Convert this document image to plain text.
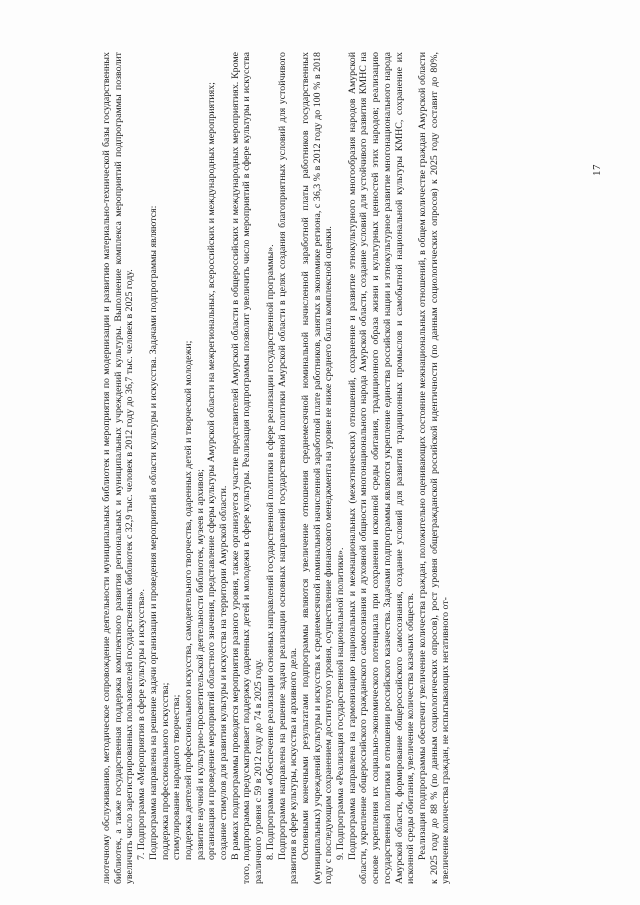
17

лиотечному обслуживанию, методическое сопровождение деятельности муниципальных библиотек и мероприятия по модернизации и развитию материально-технической базы государственных библиотек, а также государственная поддержка комплектного развития региональных и муниципальных учреждений культуры. Выполнение комплекса мероприятий подпрограммы позволит увеличить число зарегистрированных пользователей государственных библиотек с 32,9 тыс. человек в 2012 году до 36,7 тыс. человек в 2025 году. 7. Подпрограмма «Мероприятия в сфере культуры и искусства». Подпрограмма направлена на решение задачи организации и проведения мероприятий в области культуры и искусства. Задачами подпрограммы являются: поддержка профессионального искусства; стимулирование народного творчества; поддержка деятелей профессионального искусства, самодеятельного творчества, одаренных детей и творческой молодежи; развитие научной и культурно-просветительской деятельности библиотек, музеев и архивов; организация и проведение мероприятий областного значения, представление сферы культуры Амурской области на межрегиональных, всероссийских и международных мероприятиях; создание стимулов для развития культуры и искусства на территории Амурской области. В рамках подпрограммы проводятся мероприятия разного уровня, также организуется участие представителей Амурской области в общероссийских и международных мероприятиях. Кроме того, подпрограмма предусматривает поддержку одаренных детей и молодежи в сфере культуры. Реализация подпрограммы позволит увеличить число мероприятий в сфере культуры и искусства различного уровня с 59 в 2012 году до 74 в 2025 году. 8. Подпрограмма «Обеспечение реализации основных направлений государственной политики в сфере реализации государственной программы». Подпрограмма направлена на решение задачи реализации основных направлений государственной политики Амурской области в целях создания благоприятных условий для устойчивого развития в сфере культуры, искусства и архивного дела. Основными конечными результатами подпрограммы являются увеличение отношения среднемесячной номинальной начисленной заработной платы работников государственных (муниципальных) учреждений культуры и искусства к среднемесячной номинальной начисленной заработной плате работников, занятых в экономике региона, с 36,3 % в 2012 году до 100 % в 2018 году с последующим сохранением достигнутого уровня, осуществление финансового менеджмента на уровне не ниже среднего балла комплексной оценки. 9. Подпрограмма «Реализация государственной национальной политики». Подпрограмма направлена на гармонизацию национальных и межнациональных (межэтнических) отношений, сохранение и развитие этнокультурного многообразия народов Амурской области, укрепление общероссийского гражданского самосознания и духовной общности многонационального народа Амурской области, создание условий для устойчивого развития КМНС на основе укрепления их социально-экономического потенциала при сохранении исконной среды обитания, традиционного образа жизни и культурных ценностей этих народов; реализацию государственной политики в отношении российского казачества. Задачами подпрограммы являются укрепление единства российской нации и этнокультурное развитие многонационального народа Амурской области, формирование общероссийского самосознания, создание условий для развития традиционных промыслов и самобытной национальной культуры КМНС, сохранение их исконной среды обитания, увеличение количества казачьих обществ. Реализация подпрограммы обеспечит увеличение количества граждан, положительно оценивающих состояние межнациональных отношений, в общем количестве граждан Амурской области к 2025 году до 88 % (по данным социологических опросов), рост уровня общегражданской российской идентичности (по данным социологических опросов) к 2025 году составит до 80%, увеличение количества граждан, не испытывающих негативного от-
